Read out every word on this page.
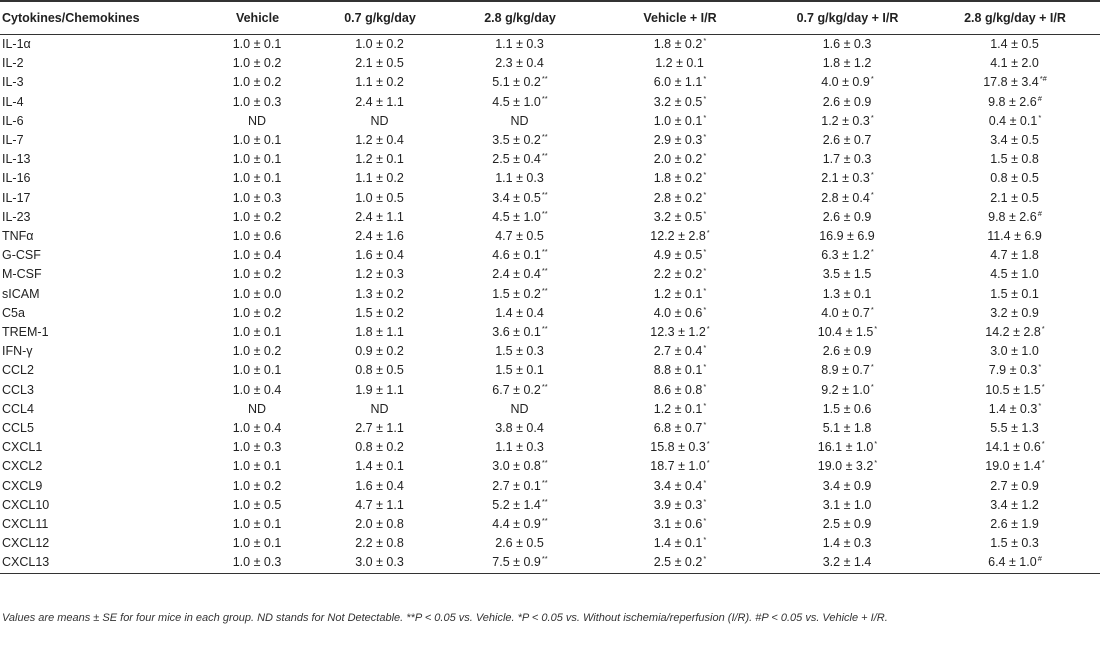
Cytokines/Chemokines	Vehicle	0.7 g/kg/day	2.8 g/kg/day	Vehicle + I/R	0.7 g/kg/day + I/R	2.8 g/kg/day + I/R
IL-1α	1.0 ± 0.1	1.0 ± 0.2	1.1 ± 0.3	1.8 ± 0.2*	1.6 ± 0.3	1.4 ± 0.5
IL-2	1.0 ± 0.2	2.1 ± 0.5	2.3 ± 0.4	1.2 ± 0.1	1.8 ± 1.2	4.1 ± 2.0
IL-3	1.0 ± 0.2	1.1 ± 0.2	5.1 ± 0.2**	6.0 ± 1.1*	4.0 ± 0.9*	17.8 ± 3.4*#
IL-4	1.0 ± 0.3	2.4 ± 1.1	4.5 ± 1.0**	3.2 ± 0.5*	2.6 ± 0.9	9.8 ± 2.6#
IL-6	ND	ND	ND	1.0 ± 0.1*	1.2 ± 0.3*	0.4 ± 0.1*
IL-7	1.0 ± 0.1	1.2 ± 0.4	3.5 ± 0.2**	2.9 ± 0.3*	2.6 ± 0.7	3.4 ± 0.5
IL-13	1.0 ± 0.1	1.2 ± 0.1	2.5 ± 0.4**	2.0 ± 0.2*	1.7 ± 0.3	1.5 ± 0.8
IL-16	1.0 ± 0.1	1.1 ± 0.2	1.1 ± 0.3	1.8 ± 0.2*	2.1 ± 0.3*	0.8 ± 0.5
IL-17	1.0 ± 0.3	1.0 ± 0.5	3.4 ± 0.5**	2.8 ± 0.2*	2.8 ± 0.4*	2.1 ± 0.5
IL-23	1.0 ± 0.2	2.4 ± 1.1	4.5 ± 1.0**	3.2 ± 0.5*	2.6 ± 0.9	9.8 ± 2.6#
TNFα	1.0 ± 0.6	2.4 ± 1.6	4.7 ± 0.5	12.2 ± 2.8*	16.9 ± 6.9	11.4 ± 6.9
G-CSF	1.0 ± 0.4	1.6 ± 0.4	4.6 ± 0.1**	4.9 ± 0.5*	6.3 ± 1.2*	4.7 ± 1.8
M-CSF	1.0 ± 0.2	1.2 ± 0.3	2.4 ± 0.4**	2.2 ± 0.2*	3.5 ± 1.5	4.5 ± 1.0
sICAM	1.0 ± 0.0	1.3 ± 0.2	1.5 ± 0.2**	1.2 ± 0.1*	1.3 ± 0.1	1.5 ± 0.1
C5a	1.0 ± 0.2	1.5 ± 0.2	1.4 ± 0.4	4.0 ± 0.6*	4.0 ± 0.7*	3.2 ± 0.9
TREM-1	1.0 ± 0.1	1.8 ± 1.1	3.6 ± 0.1**	12.3 ± 1.2*	10.4 ± 1.5*	14.2 ± 2.8*
IFN-γ	1.0 ± 0.2	0.9 ± 0.2	1.5 ± 0.3	2.7 ± 0.4*	2.6 ± 0.9	3.0 ± 1.0
CCL2	1.0 ± 0.1	0.8 ± 0.5	1.5 ± 0.1	8.8 ± 0.1*	8.9 ± 0.7*	7.9 ± 0.3*
CCL3	1.0 ± 0.4	1.9 ± 1.1	6.7 ± 0.2**	8.6 ± 0.8*	9.2 ± 1.0*	10.5 ± 1.5*
CCL4	ND	ND	ND	1.2 ± 0.1*	1.5 ± 0.6	1.4 ± 0.3*
CCL5	1.0 ± 0.4	2.7 ± 1.1	3.8 ± 0.4	6.8 ± 0.7*	5.1 ± 1.8	5.5 ± 1.3
CXCL1	1.0 ± 0.3	0.8 ± 0.2	1.1 ± 0.3	15.8 ± 0.3*	16.1 ± 1.0*	14.1 ± 0.6*
CXCL2	1.0 ± 0.1	1.4 ± 0.1	3.0 ± 0.8**	18.7 ± 1.0*	19.0 ± 3.2*	19.0 ± 1.4*
CXCL9	1.0 ± 0.2	1.6 ± 0.4	2.7 ± 0.1**	3.4 ± 0.4*	3.4 ± 0.9	2.7 ± 0.9
CXCL10	1.0 ± 0.5	4.7 ± 1.1	5.2 ± 1.4**	3.9 ± 0.3*	3.1 ± 1.0	3.4 ± 1.2
CXCL11	1.0 ± 0.1	2.0 ± 0.8	4.4 ± 0.9**	3.1 ± 0.6*	2.5 ± 0.9	2.6 ± 1.9
CXCL12	1.0 ± 0.1	2.2 ± 0.8	2.6 ± 0.5	1.4 ± 0.1*	1.4 ± 0.3	1.5 ± 0.3
CXCL13	1.0 ± 0.3	3.0 ± 0.3	7.5 ± 0.9**	2.5 ± 0.2*	3.2 ± 1.4	6.4 ± 1.0#
Values are means ± SE for four mice in each group. ND stands for Not Detectable. **P < 0.05 vs. Vehicle. *P < 0.05 vs. Without ischemia/reperfusion (I/R). #P < 0.05 vs. Vehicle + I/R.
